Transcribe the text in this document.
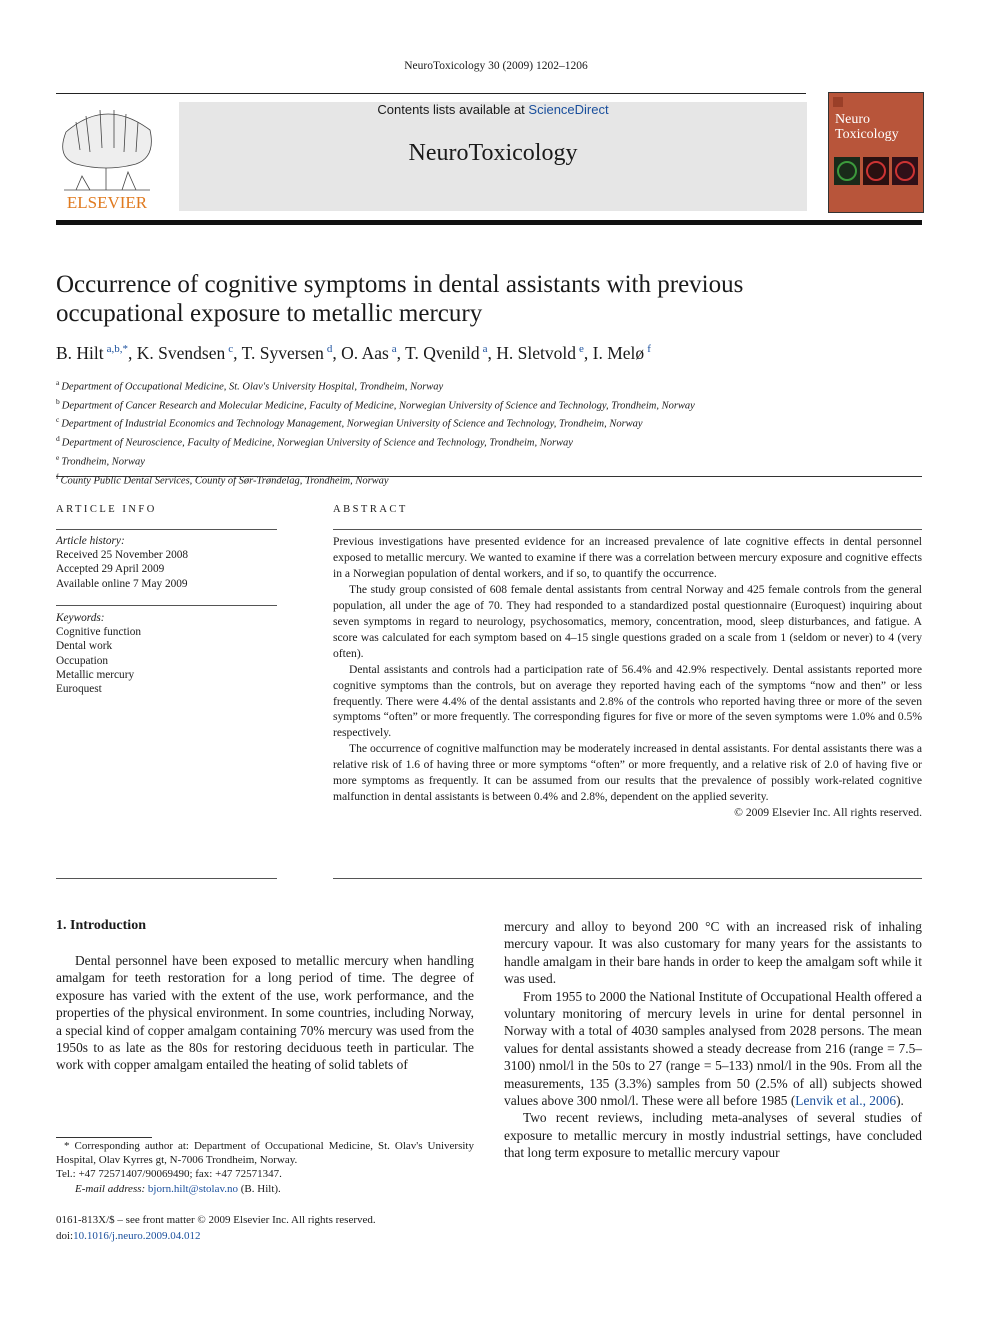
NeuroToxicology 30 (2009) 1202–1206
ELSEVIER
Contents lists available at ScienceDirect
NeuroToxicology
Neuro
Toxicology
Occurrence of cognitive symptoms in dental assistants with previous occupational exposure to metallic mercury
B. Hilt $^{a,b,*}$, K. Svendsen $^c$, T. Syversen $^d$, O. Aas $^a$, T. Qvenild $^a$, H. Sletvold $^e$, I. Melø $^f$
$^a$ Department of Occupational Medicine, St. Olav's University Hospital, Trondheim, Norway
$^b$ Department of Cancer Research and Molecular Medicine, Faculty of Medicine, Norwegian University of Science and Technology, Trondheim, Norway
$^c$ Department of Industrial Economics and Technology Management, Norwegian University of Science and Technology, Trondheim, Norway
$^d$ Department of Neuroscience, Faculty of Medicine, Norwegian University of Science and Technology, Trondheim, Norway
$^e$ Trondheim, Norway
$^f$ County Public Dental Services, County of Sør-Trøndelag, Trondheim, Norway
ARTICLE INFO
Article history:
Received 25 November 2008
Accepted 29 April 2009
Available online 7 May 2009
Keywords:
Cognitive function
Dental work
Occupation
Metallic mercury
Euroquest
ABSTRACT

Previous investigations have presented evidence for an increased prevalence of late cognitive effects in dental personnel exposed to metallic mercury. We wanted to examine if there was a correlation between mercury exposure and cognitive effects in a Norwegian population of dental workers, and if so, to quantify the occurrence.

The study group consisted of 608 female dental assistants from central Norway and 425 female controls from the general population, all under the age of 70. They had responded to a standardized postal questionnaire (Euroquest) inquiring about seven symptoms in regard to neurology, psychosomatics, memory, concentration, mood, sleep disturbances, and fatigue. A score was calculated for each symptom based on 4–15 single questions graded on a scale from 1 (seldom or never) to 4 (very often).

Dental assistants and controls had a participation rate of 56.4% and 42.9% respectively. Dental assistants reported more cognitive symptoms than the controls, but on average they reported having each of the symptoms “now and then” or less frequently. There were 4.4% of the dental assistants and 2.8% of the controls who reported having three or more of the seven symptoms “often” or more frequently. The corresponding figures for five or more of the seven symptoms were 1.0% and 0.5% respectively.

The occurrence of cognitive malfunction may be moderately increased in dental assistants. For dental assistants there was a relative risk of 1.6 of having three or more symptoms “often” or more frequently, and a relative risk of 2.0 of having five or more symptoms as frequently. It can be assumed from our results that the prevalence of possibly work-related cognitive malfunction in dental assistants is between 0.4% and 2.8%, dependent on the applied severity.

© 2009 Elsevier Inc. All rights reserved.
1. Introduction

Dental personnel have been exposed to metallic mercury when handling amalgam for teeth restoration for a long period of time. The degree of exposure has varied with the extent of the use, work performance, and the properties of the physical environment. In some countries, including Norway, a special kind of copper amalgam containing 70% mercury was used from the 1950s to as late as the 80s for restoring deciduous teeth in particular. The work with copper amalgam entailed the heating of solid tablets of

mercury and alloy to beyond 200 °C with an increased risk of inhaling mercury vapour. It was also customary for many years for the assistants to handle amalgam in their bare hands in order to keep the amalgam soft while it was used.

From 1955 to 2000 the National Institute of Occupational Health offered a voluntary monitoring of mercury levels in urine for dental personnel in Norway with a total of 4030 samples analysed from 2028 persons. The mean values for dental assistants showed a steady decrease from 216 (range = 7.5–3100) nmol/l in the 50s to 27 (range = 5–133) nmol/l in the 90s. From all the measurements, 135 (3.3%) samples from 50 (2.5% of all) subjects showed values above 300 nmol/l. These were all before 1985 (Lenvik et al., 2006).

Two recent reviews, including meta-analyses of several studies of exposure to metallic mercury in mostly industrial settings, have concluded that long term exposure to metallic mercury vapour

* Corresponding author at: Department of Occupational Medicine, St. Olav's University Hospital, Olav Kyrres gt, N-7006 Trondheim, Norway.
Tel.: +47 72571407/90069490; fax: +47 72571347.
E-mail address: bjorn.hilt@stolav.no (B. Hilt).
0161-813X/$ – see front matter © 2009 Elsevier Inc. All rights reserved.
doi:10.1016/j.neuro.2009.04.012
